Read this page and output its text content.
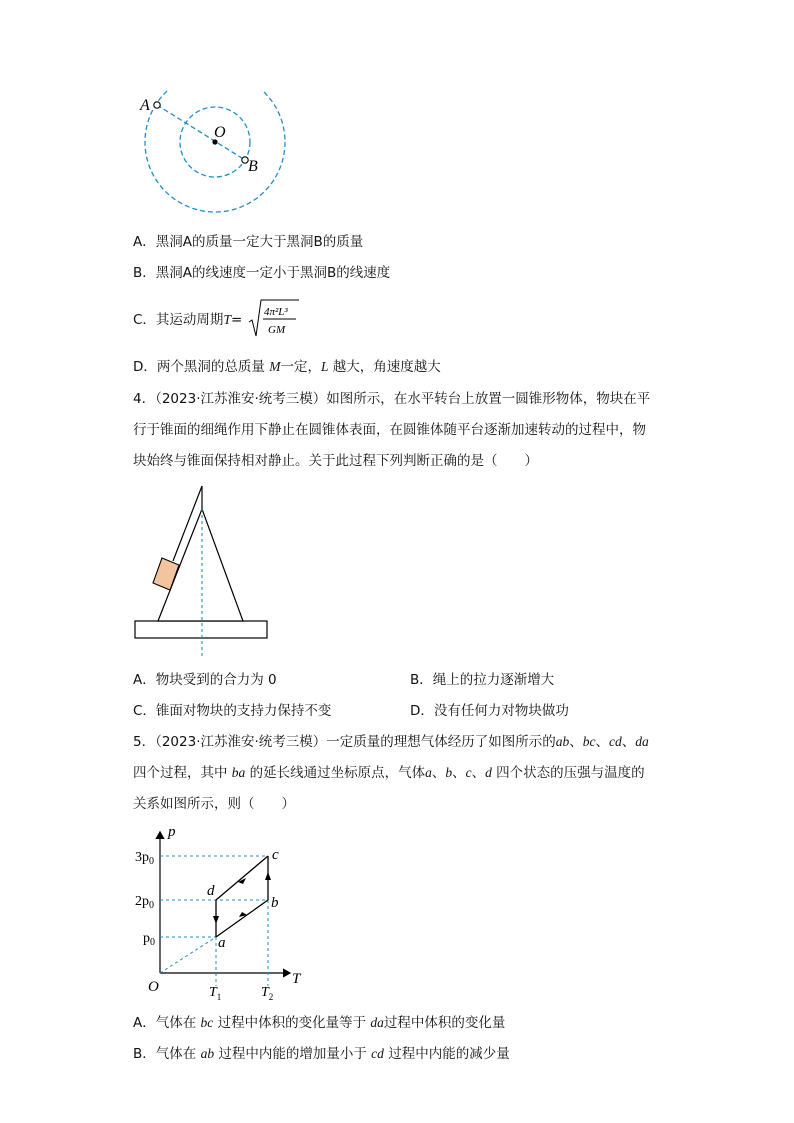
A
O
B
A．黑洞A的质量一定大于黑洞B的质量
B．黑洞A的线速度一定小于黑洞B的线速度
C．其运动周期T= 4π²L³
GM
D．两个黑洞的总质量 M一定，L 越大，角速度越大
4．（2023·江苏淮安·统考三模）如图所示，在水平转台上放置一圆锥形物体，物块在平
行于锥面的细绳作用下静止在圆锥体表面，在圆锥体随平台逐渐加速转动的过程中，物
块始终与锥面保持相对静止。关于此过程下列判断正确的是（　　）
A．物块受到的合力为 0	B．绳上的拉力逐渐增大
C．锥面对物块的支持力保持不变	D．没有任何力对物块做功
5．（2023·江苏淮安·统考三模）一定质量的理想气体经历了如图所示的ab、bc、cd、da
四个过程，其中 ba 的延长线通过坐标原点，气体a、b、c、d 四个状态的压强与温度的
关系如图所示，则（　　）
p
T
O
$3p_0$
$2p_0$
$p_0$
$T_1$	$T_2$
a
b
c
d
A．气体在 bc 过程中体积的变化量等于 da过程中体积的变化量
B．气体在 ab 过程中内能的增加量小于 cd 过程中内能的减少量
